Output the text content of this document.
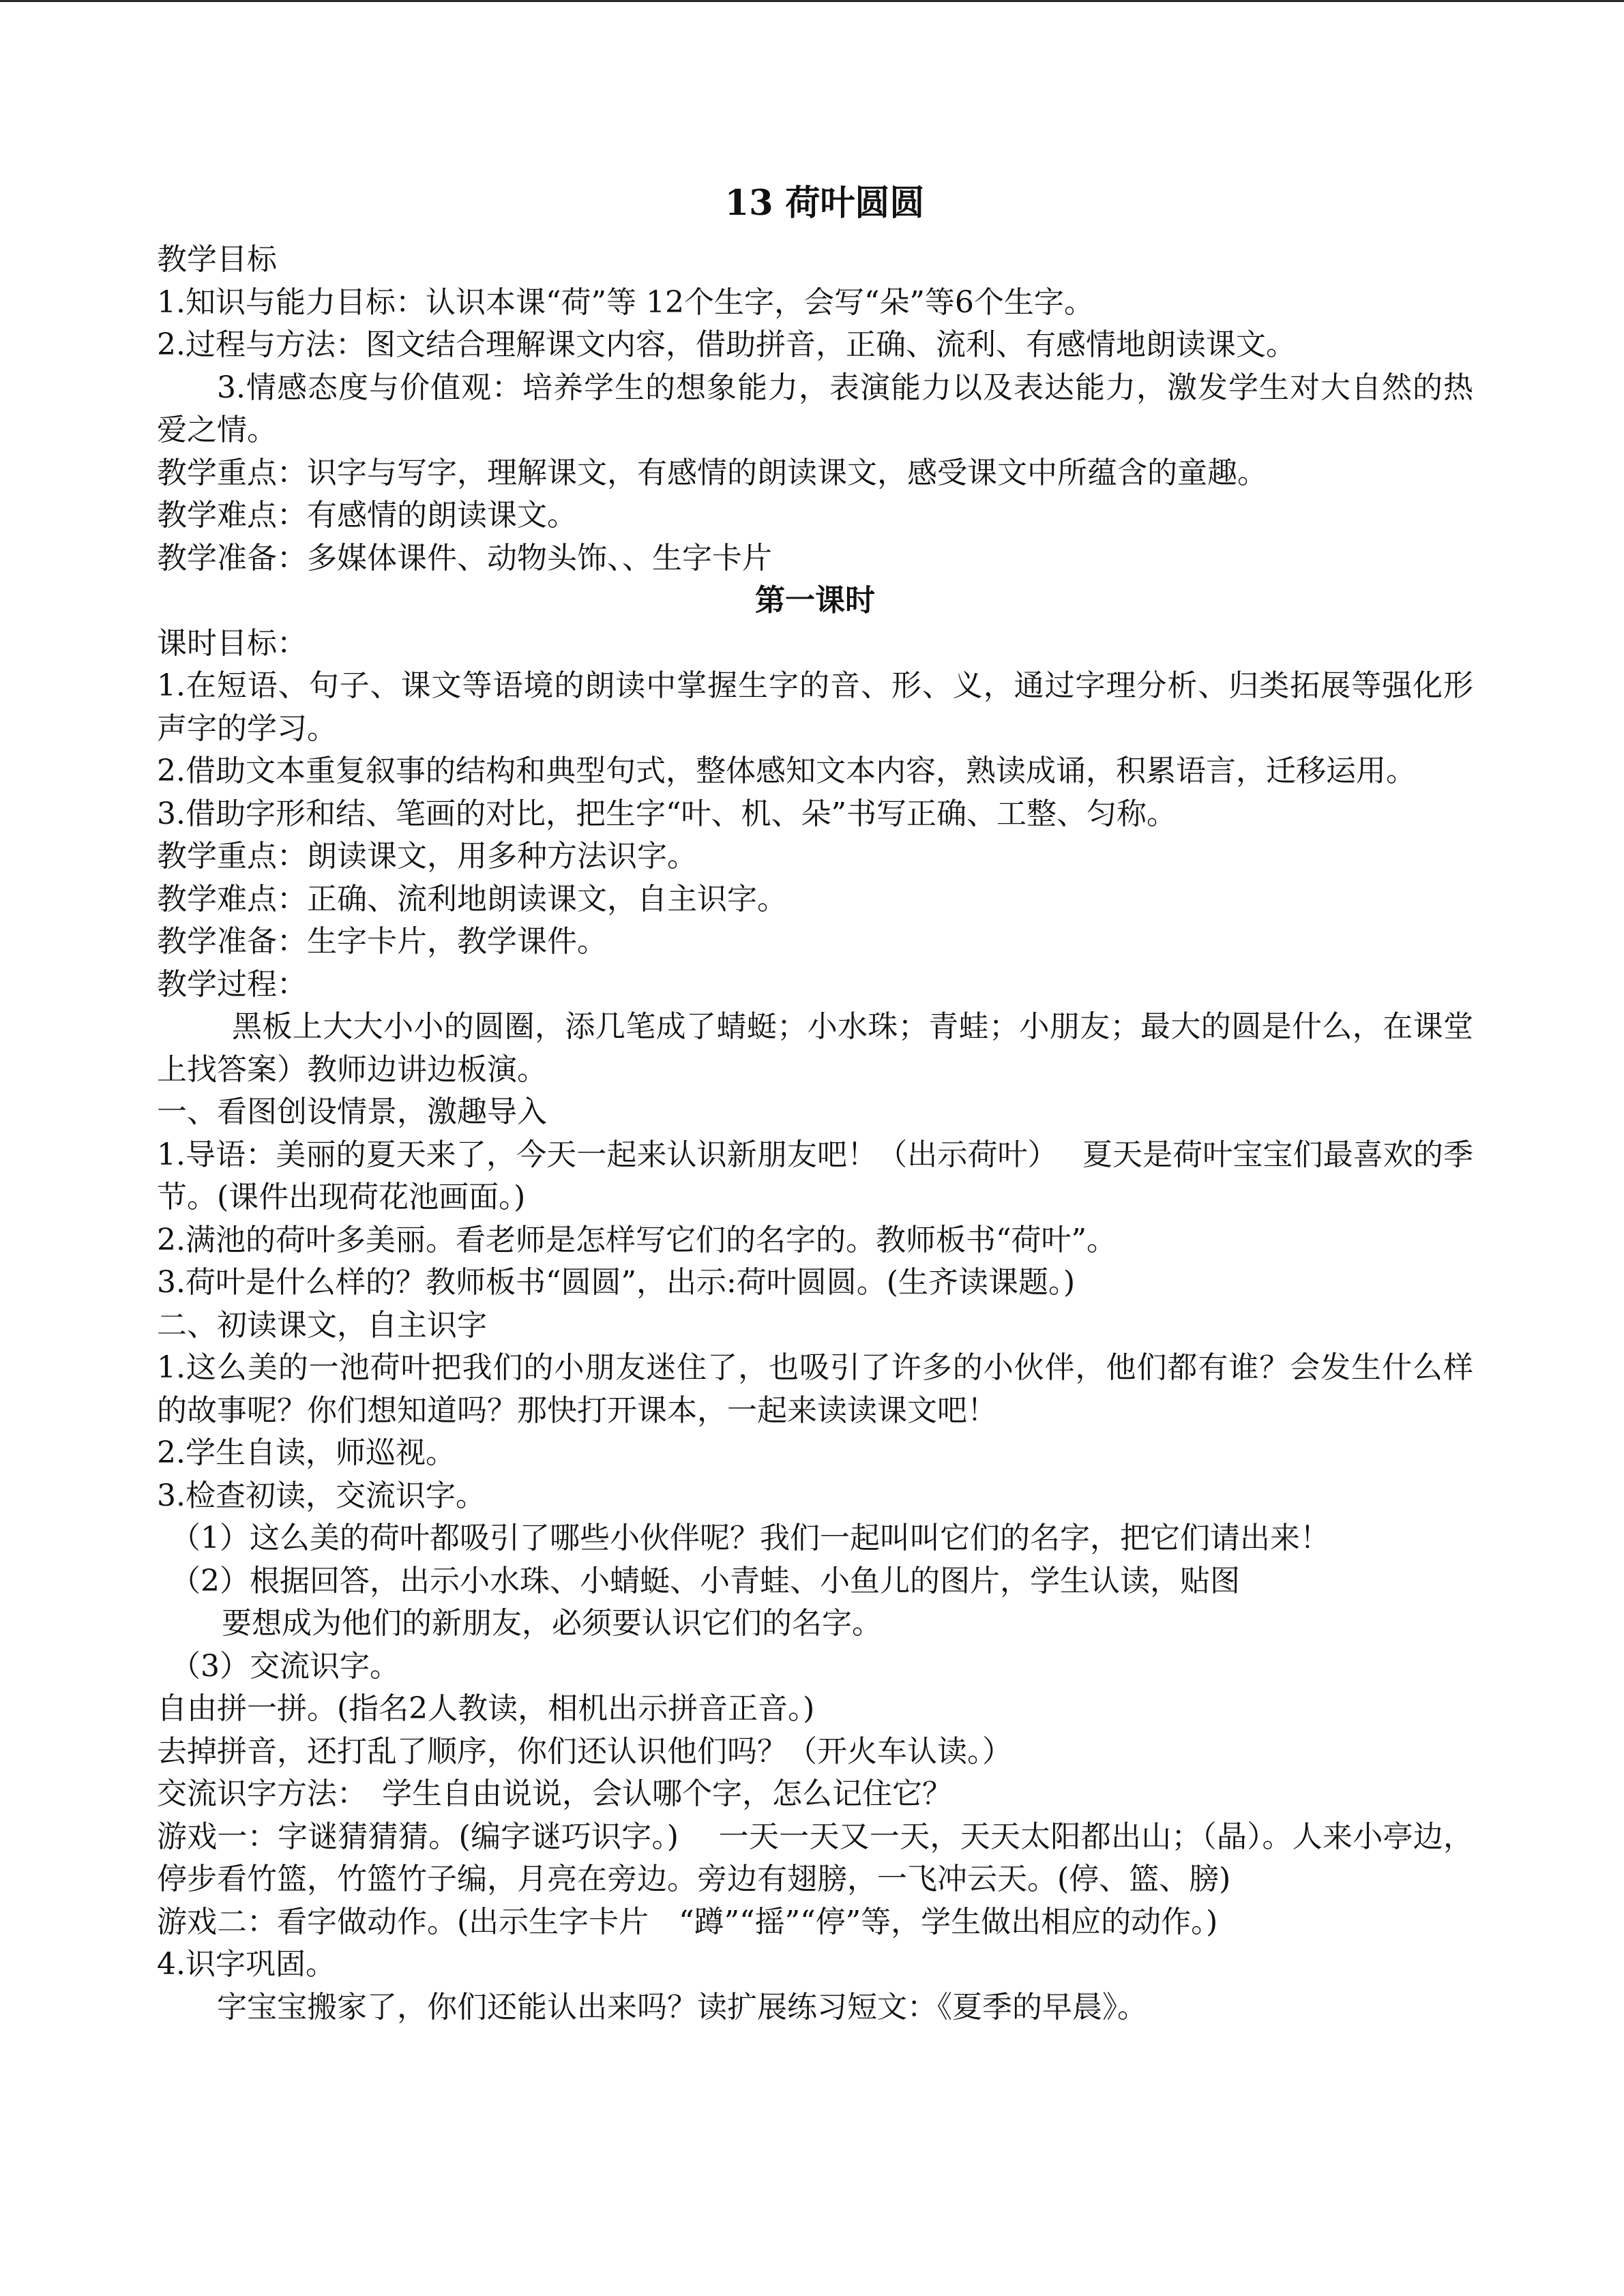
13 荷叶圆圆

教学目标

1.知识与能力目标：认识本课“荷”等 12个生字，会写“朵”等6个生字。

2.过程与方法：图文结合理解课文内容，借助拼音，正确、流利、有感情地朗读课文。

3.情感态度与价值观：培养学生的想象能力，表演能力以及表达能力，激发学生对大自然的热爱之情。

教学重点：识字与写字，理解课文，有感情的朗读课文，感受课文中所蕴含的童趣。

教学难点：有感情的朗读课文。

教学准备：多媒体课件、动物头饰、、生字卡片

第一课时

课时目标：

1.在短语、句子、课文等语境的朗读中掌握生字的音、形、义，通过字理分析、归类拓展等强化形声字的学习。

2.借助文本重复叙事的结构和典型句式，整体感知文本内容，熟读成诵，积累语言，迁移运用。

3.借助字形和结、笔画的对比，把生字“叶、机、朵”书写正确、工整、匀称。

教学重点：朗读课文，用多种方法识字。

教学难点：正确、流利地朗读课文，自主识字。

教学准备：生字卡片，教学课件。

教学过程：

黑板上大大小小的圆圈，添几笔成了蜻蜓；小水珠；青蛙；小朋友；最大的圆是什么，在课堂上找答案）教师边讲边板演。

一、看图创设情景，激趣导入

1.导语：美丽的夏天来了，今天一起来认识新朋友吧！（出示荷叶）　 夏天是荷叶宝宝们最喜欢的季节。(课件出现荷花池画面。)

2.满池的荷叶多美丽。看老师是怎样写它们的名字的。教师板书“荷叶”。

3.荷叶是什么样的？教师板书“圆圆”，出示:荷叶圆圆。(生齐读课题。)

二、初读课文，自主识字

1.这么美的一池荷叶把我们的小朋友迷住了，也吸引了许多的小伙伴，他们都有谁？会发生什么样的故事呢？你们想知道吗？那快打开课本，一起来读读课文吧！

2.学生自读，师巡视。

3.检查初读，交流识字。

（1）这么美的荷叶都吸引了哪些小伙伴呢？我们一起叫叫它们的名字，把它们请出来！

（2）根据回答，出示小水珠、小蜻蜓、小青蛙、小鱼儿的图片，学生认读，贴图

要想成为他们的新朋友，必须要认识它们的名字。

（3）交流识字。

自由拼一拼。(指名2人教读，相机出示拼音正音。)

去掉拼音，还打乱了顺序，你们还认识他们吗？（开火车认读。）

交流识字方法：　学生自由说说，会认哪个字，怎么记住它？

游戏一：字谜猜猜猜。(编字谜巧识字。)　 一天一天又一天，天天太阳都出山；（晶）。人来小亭边，停步看竹篮，竹篮竹子编，月亮在旁边。旁边有翅膀，一飞冲云天。(停、篮、膀)

游戏二：看字做动作。(出示生字卡片　“蹲”“摇”“停”等，学生做出相应的动作。)

4.识字巩固。

字宝宝搬家了，你们还能认出来吗？读扩展练习短文：《夏季的早晨》。
